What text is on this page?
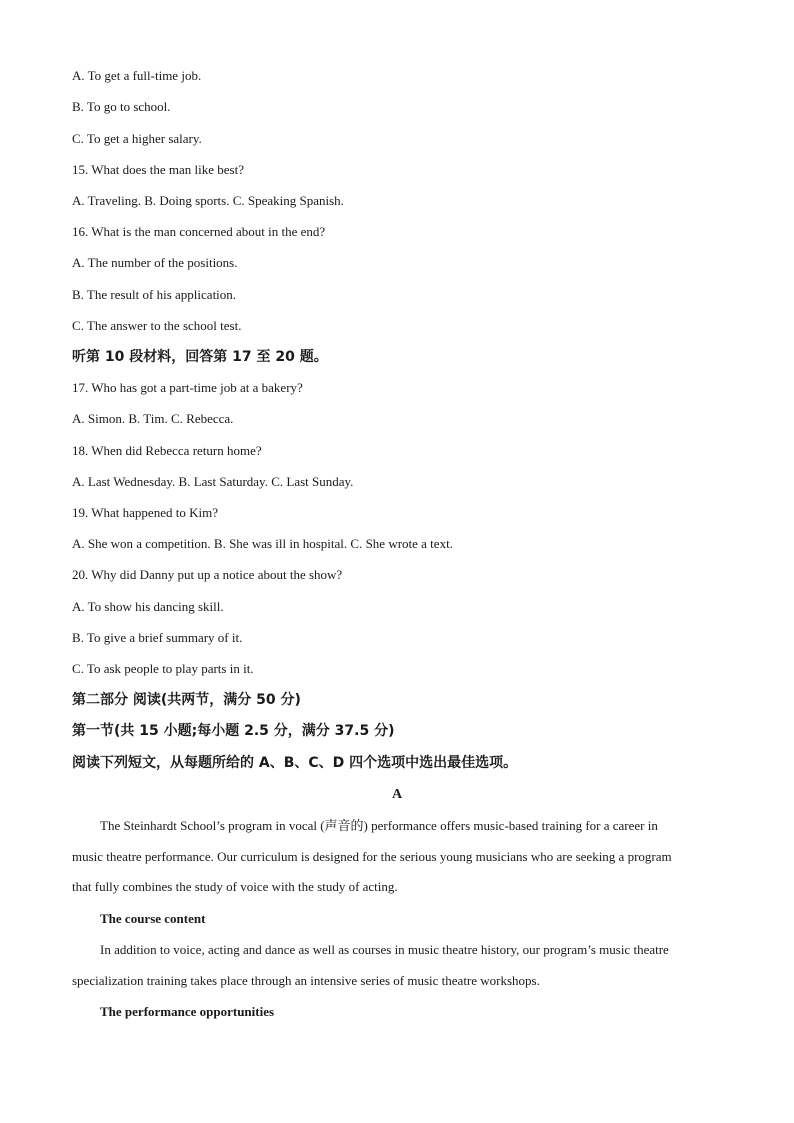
A. To get a full-time job.

B. To go to school.

C. To get a higher salary.

15. What does the man like best?

A. Traveling. B. Doing sports. C. Speaking Spanish.

16. What is the man concerned about in the end?

A. The number of the positions.

B. The result of his application.

C. The answer to the school test.

听第 10 段材料，回答第 17 至 20 题。

17. Who has got a part-time job at a bakery?

A. Simon. B. Tim. C. Rebecca.

18. When did Rebecca return home?

A. Last Wednesday. B. Last Saturday. C. Last Sunday.

19. What happened to Kim?

A. She won a competition. B. She was ill in hospital. C. She wrote a text.

20. Why did Danny put up a notice about the show?

A. To show his dancing skill.

B. To give a brief summary of it.

C. To ask people to play parts in it.

第二部分 阅读(共两节，满分 50 分)

第一节(共 15 小题;每小题 2.5 分，满分 37.5 分)

阅读下列短文，从每题所给的 A、B、C、D 四个选项中选出最佳选项。

A

The Steinhardt School’s program in vocal (声音的) performance offers music-based training for a career in

music theatre performance. Our curriculum is designed for the serious young musicians who are seeking a program

that fully combines the study of voice with the study of acting.

The course content

In addition to voice, acting and dance as well as courses in music theatre history, our program’s music theatre

specialization training takes place through an intensive series of music theatre workshops.

The performance opportunities
